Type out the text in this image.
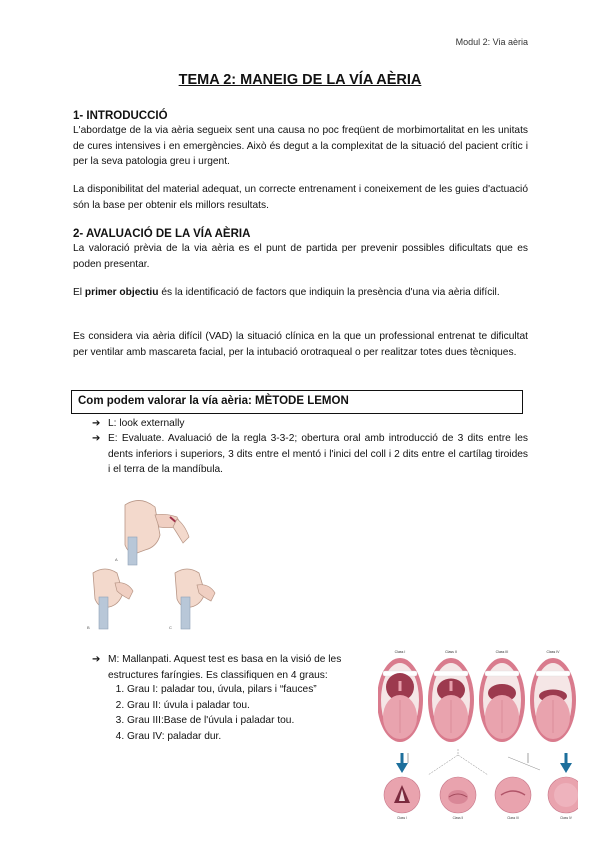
Modul 2: Via aèria
TEMA 2: MANEIG DE LA VÍA AÈRIA
1- INTRODUCCIÓ
L'abordatge de la via aèria segueix sent una causa no poc freqüent de morbimortalitat en les unitats de cures intensives i en emergències. Això és degut a la complexitat de la situació del pacient crític i per la seva patologia greu i urgent.
La disponibilitat del material adequat, un correcte entrenament i coneixement de les guies d'actuació són la base per obtenir els millors resultats.
2- AVALUACIÓ DE LA VÍA AÈRIA
La valoració prèvia de la via aèria es el punt de partida per prevenir possibles dificultats que es poden presentar.
El primer objectiu és la identificació de factors que indiquin la presència d'una via aèria difícil.
Es considera via aèria difícil (VAD) la situació clínica en la que un professional entrenat te dificultat per ventilar amb mascareta facial, per la intubació orotraqueal o per realitzar totes dues tècniques.
Com podem valorar la vía aèria: MÈTODE LEMON
➔ L: look externally
➔ E: Evaluate. Avaluació de la regla 3-3-2; obertura oral amb introducció de 3 dits entre les dents inferiors i superiors, 3 dits entre el mentó i l'inici del coll i 2 dits entre el cartílag tiroides i el terra de la mandíbula.
A
B	C
➔ M: Mallanpati. Aquest test es basa en la visió de les estructures faríngies. Es classifiquen en 4 graus:
1. Grau I: paladar tou, úvula, pilars i “fauces”
2. Grau II: úvula i paladar tou.
3. Grau III:Base de l'úvula i paladar tou.
4. Grau IV: paladar dur.
Class I	Class II	Class III	Class IV
Class I	Class II	Class III	Class IV
